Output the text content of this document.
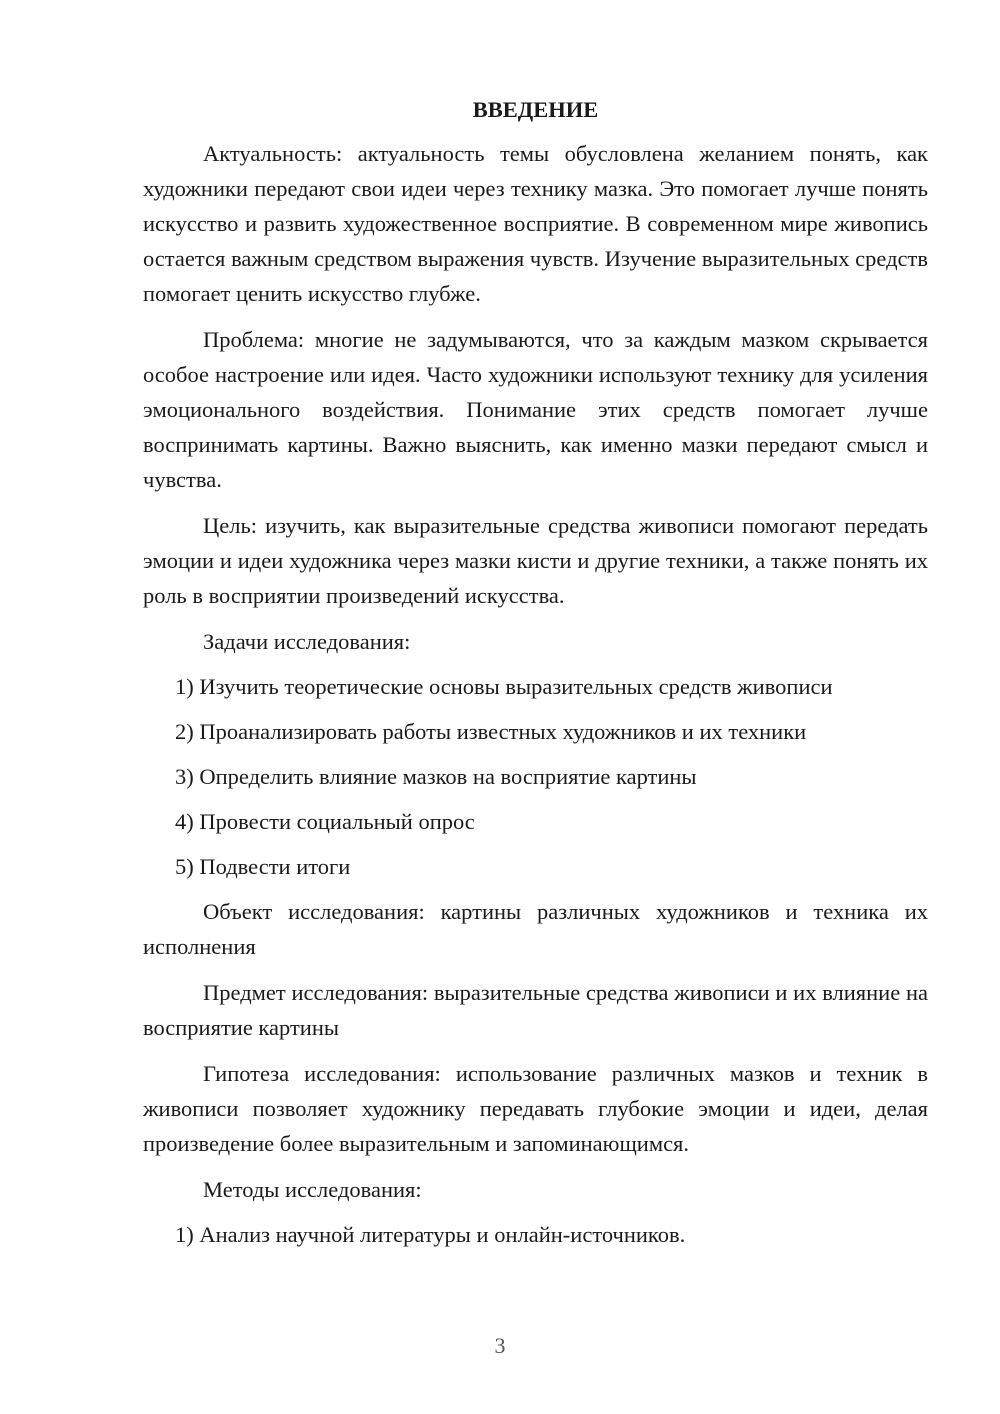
ВВЕДЕНИЕ

Актуальность: актуальность темы обусловлена желанием понять, как художники передают свои идеи через технику мазка. Это помогает лучше понять искусство и развить художественное восприятие. В современном мире живопись остается важным средством выражения чувств. Изучение выразительных средств помогает ценить искусство глубже.

Проблема: многие не задумываются, что за каждым мазком скрывается особое настроение или идея. Часто художники используют технику для усиления эмоционального воздействия. Понимание этих средств помогает лучше воспринимать картины. Важно выяснить, как именно мазки передают смысл и чувства.

Цель: изучить, как выразительные средства живописи помогают передать эмоции и идеи художника через мазки кисти и другие техники, а также понять их роль в восприятии произведений искусства.

Задачи исследования:

1) Изучить теоретические основы выразительных средств живописи

2) Проанализировать работы известных художников и их техники

3) Определить влияние мазков на восприятие картины

4) Провести социальный опрос

5) Подвести итоги

Объект исследования: картины различных художников и техника их исполнения

Предмет исследования: выразительные средства живописи и их влияние на восприятие картины

Гипотеза исследования: использование различных мазков и техник в живописи позволяет художнику передавать глубокие эмоции и идеи, делая произведение более выразительным и запоминающимся.

Методы исследования:

1) Анализ научной литературы и онлайн-источников.

3
